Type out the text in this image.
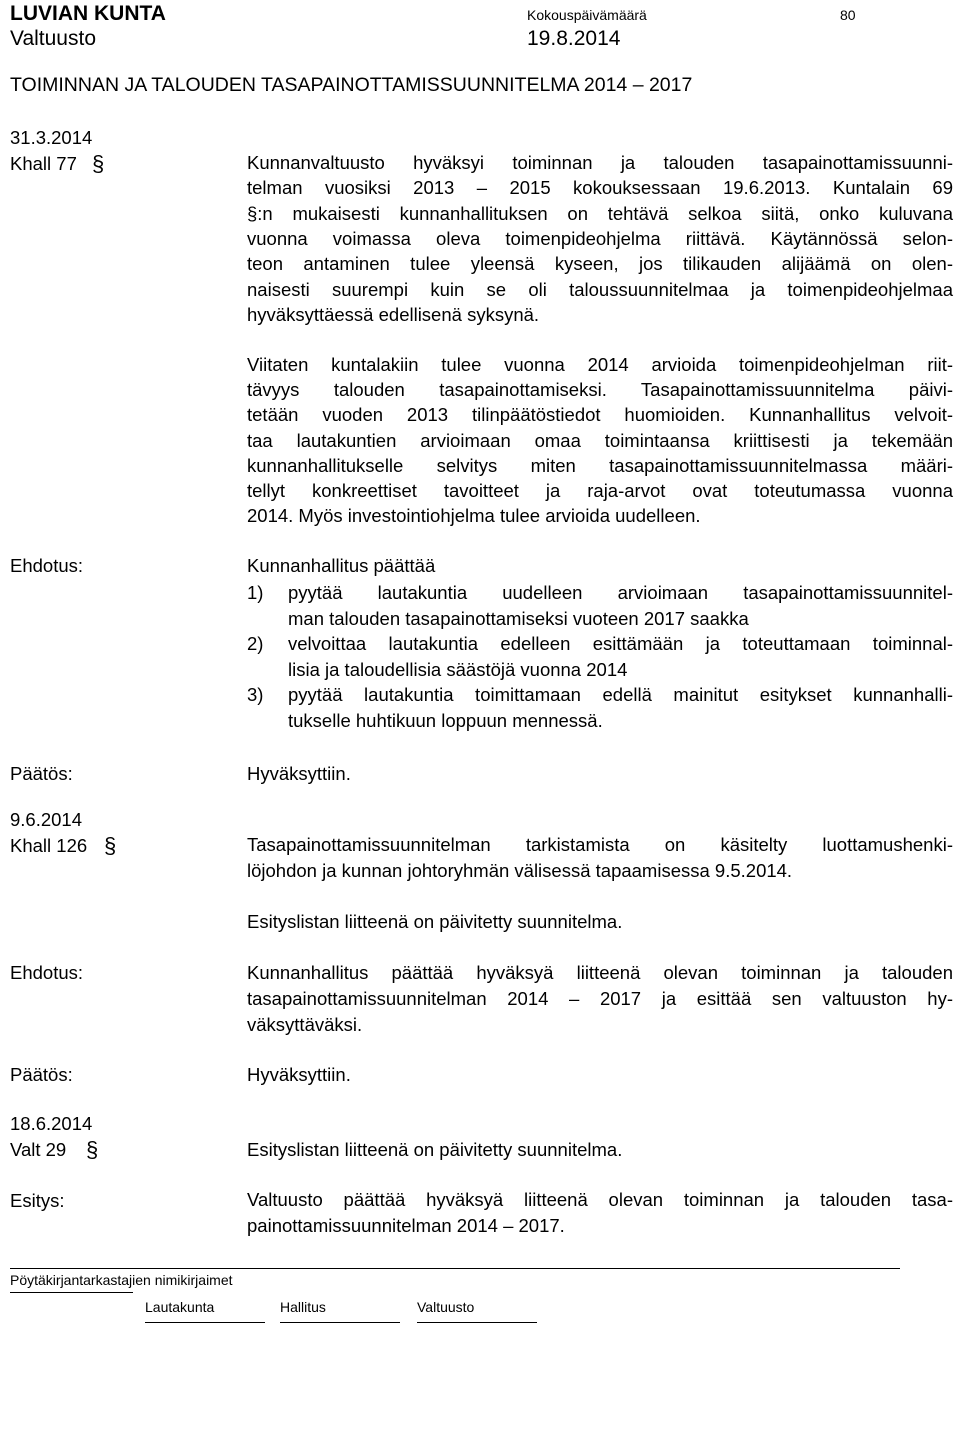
LUVIAN KUNTA
Valtuusto
Kokouspäivämäärä
19.8.2014
80
TOIMINNAN JA TALOUDEN TASAPAINOTTAMISSUUNNITELMA 2014 – 2017
31.3.2014
Khall 77 §	Kunnanvaltuusto hyväksyi toiminnan ja talouden tasapainottamissuunni-
telman vuosiksi 2013 – 2015 kokouksessaan 19.6.2013. Kuntalain 69
§:n mukaisesti kunnanhallituksen on tehtävä selkoa siitä, onko kuluvana
vuonna voimassa oleva toimenpideohjelma riittävä. Käytännössä selon-
teon antaminen tulee yleensä kyseen, jos tilikauden alijäämä on olen-
naisesti suurempi kuin se oli taloussuunnitelmaa ja toimenpideohjelmaa
hyväksyttäessä edellisenä syksynä.
Viitaten kuntalakiin tulee vuonna 2014 arvioida toimenpideohjelman riit-
tävyys talouden tasapainottamiseksi. Tasapainottamissuunnitelma päivi-
tetään vuoden 2013 tilinpäätöstiedot huomioiden. Kunnanhallitus velvoit-
taa lautakuntien arvioimaan omaa toimintaansa kriittisesti ja tekemään
kunnanhallitukselle selvitys miten tasapainottamissuunnitelmassa määri-
tellyt konkreettiset tavoitteet ja raja-arvot ovat toteutumassa vuonna
2014. Myös investointiohjelma tulee arvioida uudelleen.
Ehdotus:	Kunnanhallitus päättää
1) pyytää lautakuntia uudelleen arvioimaan tasapainottamissuunnitel-
man talouden tasapainottamiseksi vuoteen 2017 saakka
2) velvoittaa lautakuntia edelleen esittämään ja toteuttamaan toiminnal-
lisia ja taloudellisia säästöjä vuonna 2014
3) pyytää lautakuntia toimittamaan edellä mainitut esitykset kunnanhalli-
tukselle huhtikuun loppuun mennessä.
Päätös:	Hyväksyttiin.
9.6.2014
Khall 126 §	Tasapainottamissuunnitelman tarkistamista on käsitelty luottamushenki-
löjohdon ja kunnan johtoryhmän välisessä tapaamisessa 9.5.2014.
Esityslistan liitteenä on päivitetty suunnitelma.
Ehdotus:	Kunnanhallitus päättää hyväksyä liitteenä olevan toiminnan ja talouden
tasapainottamissuunnitelman 2014 – 2017 ja esittää sen valtuuston hy-
väksyttäväksi.
Päätös:	Hyväksyttiin.
18.6.2014
Valt 29 §	Esityslistan liitteenä on päivitetty suunnitelma.
Esitys:	Valtuusto päättää hyväksyä liitteenä olevan toiminnan ja talouden tasa-
painottamissuunnitelman 2014 – 2017.
Pöytäkirjantarkastajien nimikirjaimet
Lautakunta	Hallitus	Valtuusto
